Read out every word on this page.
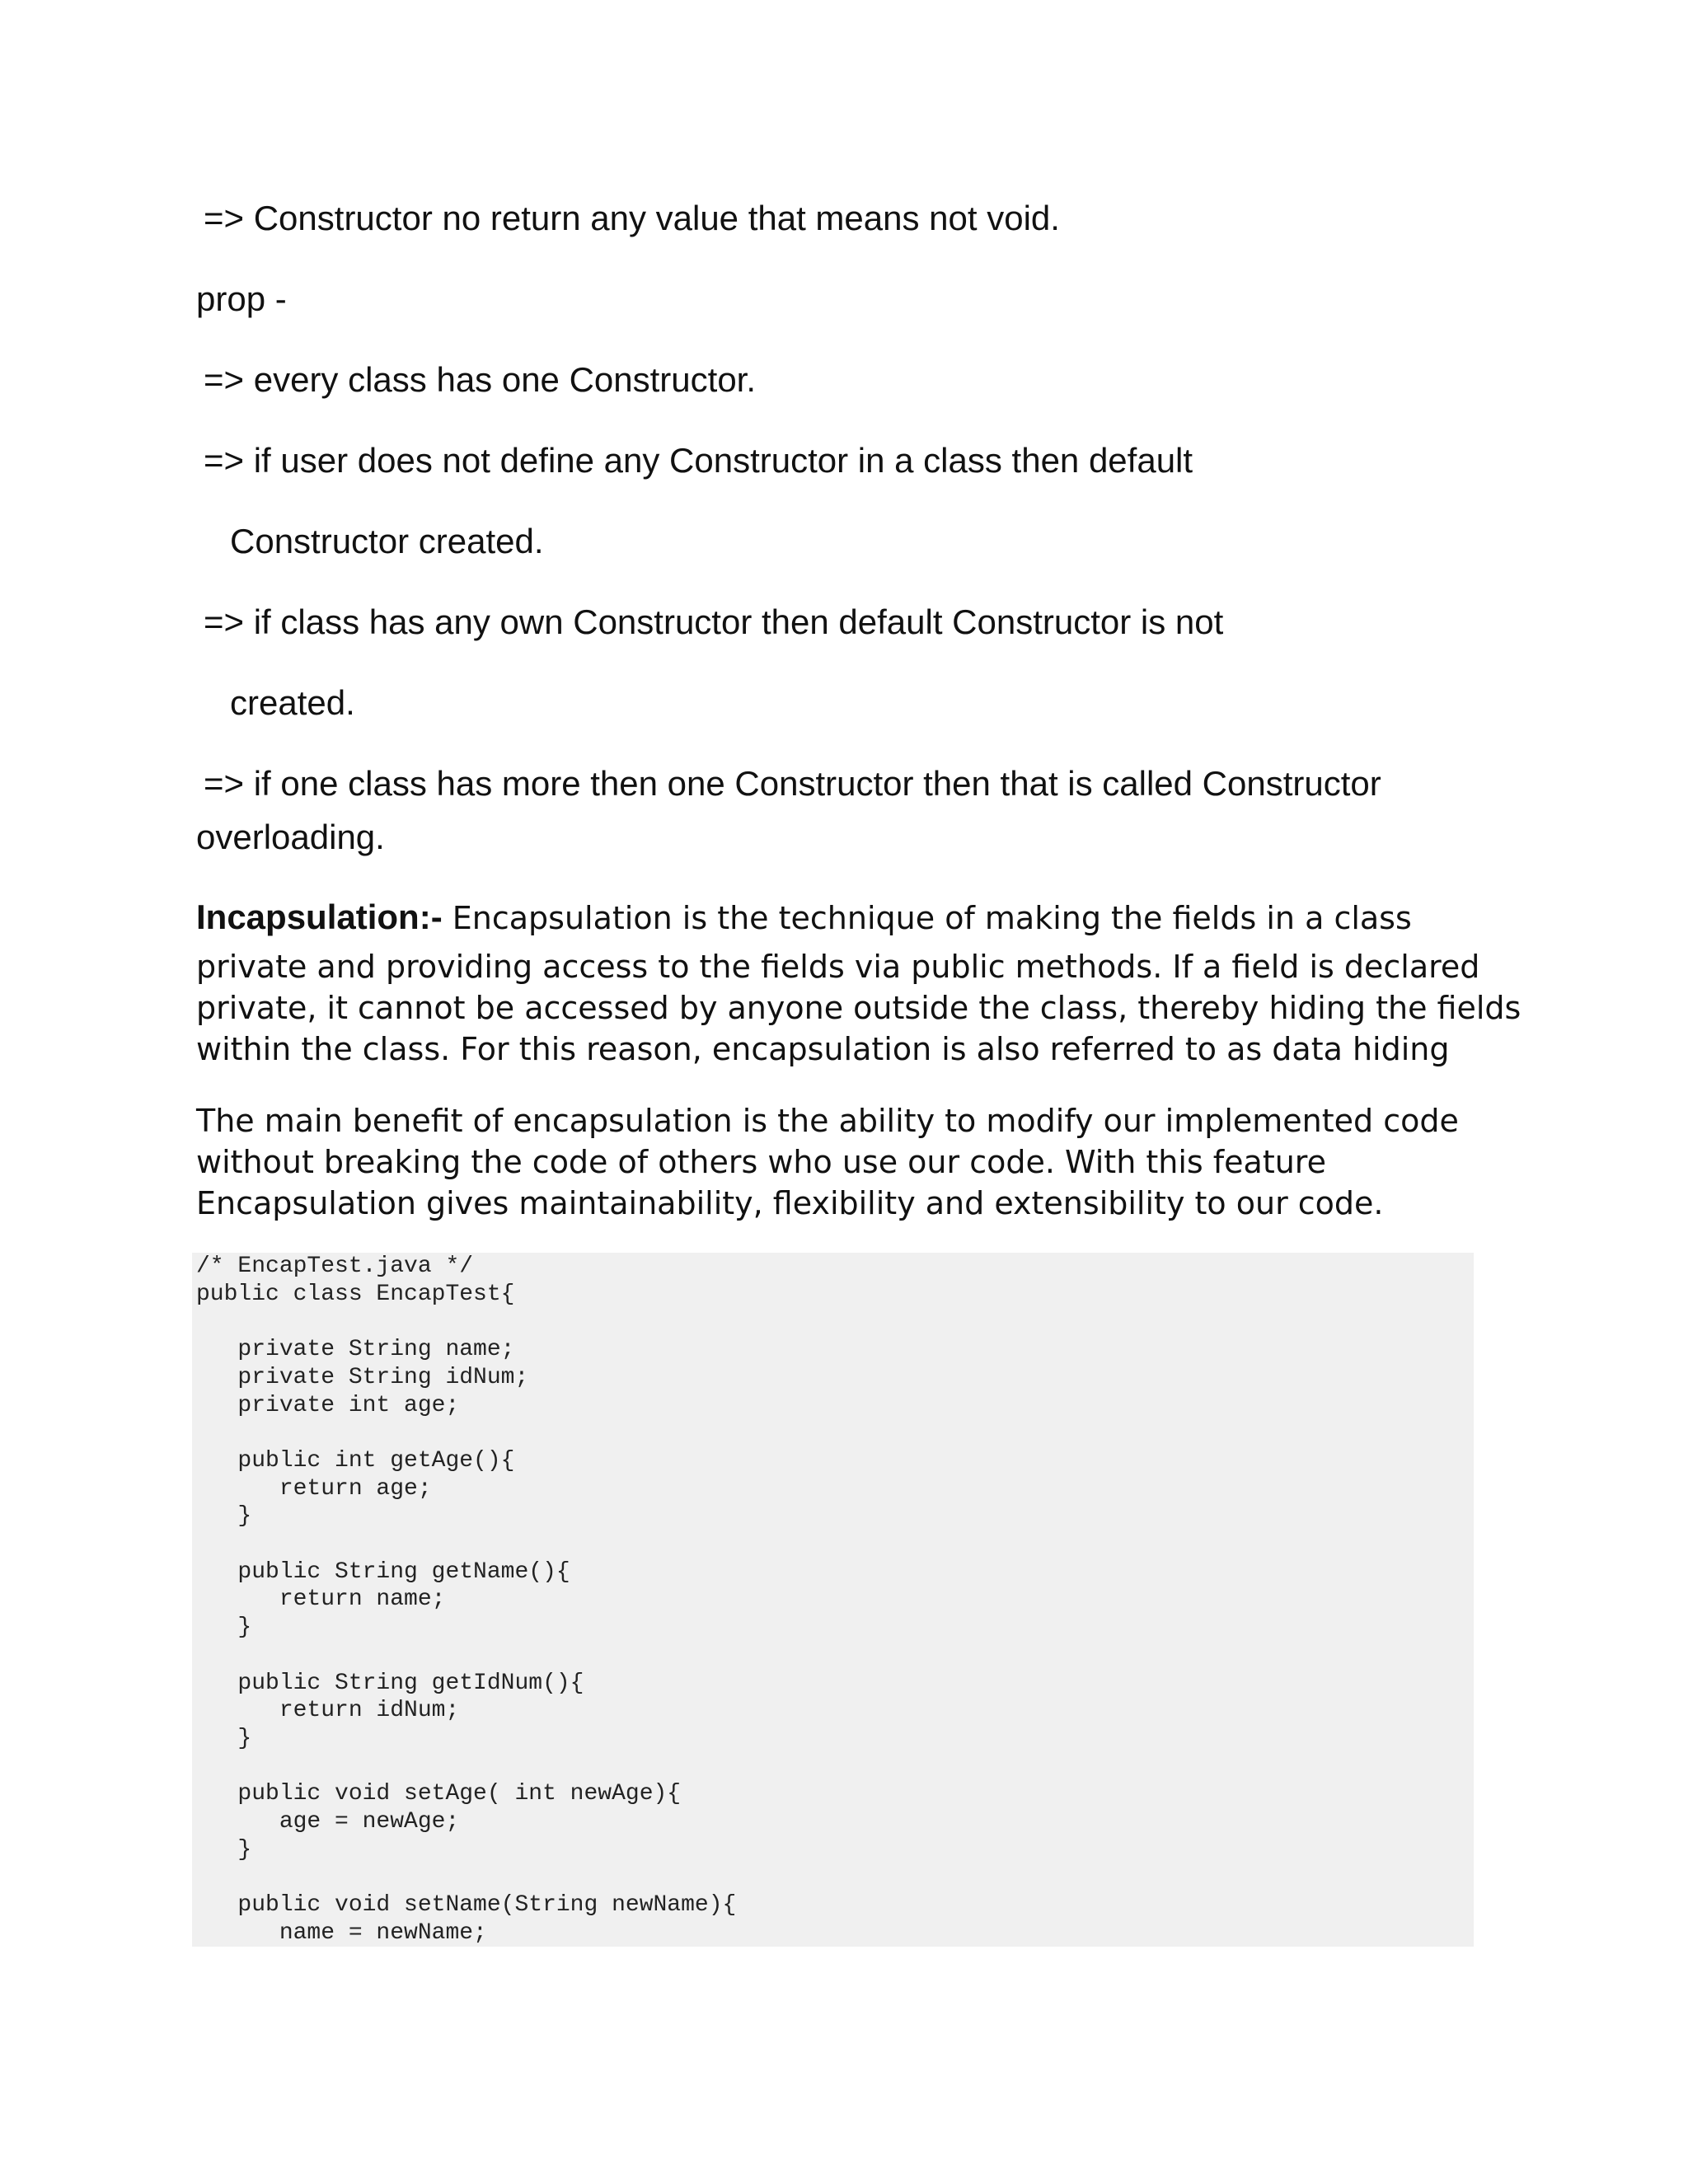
=> Constructor no return any value that means not void.
prop -
=> every class has one Constructor.
=> if user does not define any Constructor in a class then default
Constructor created.
=> if class has any own Constructor then default Constructor is not
created.
=> if one class has more then one Constructor then that is called Constructor
overloading.
Incapsulation:- Encapsulation is the technique of making the fields in a class
private and providing access to the fields via public methods. If a field is declared
private, it cannot be accessed by anyone outside the class, thereby hiding the fields
within the class. For this reason, encapsulation is also referred to as data hiding
The main benefit of encapsulation is the ability to modify our implemented code
without breaking the code of others who use our code. With this feature
Encapsulation gives maintainability, flexibility and extensibility to our code.
/* EncapTest.java */
public class EncapTest{

private String name;
private String idNum;
private int age;

public int getAge(){
return age;
}

public String getName(){
return name;
}

public String getIdNum(){
return idNum;
}

public void setAge( int newAge){
age = newAge;
}

public void setName(String newName){
name = newName;
